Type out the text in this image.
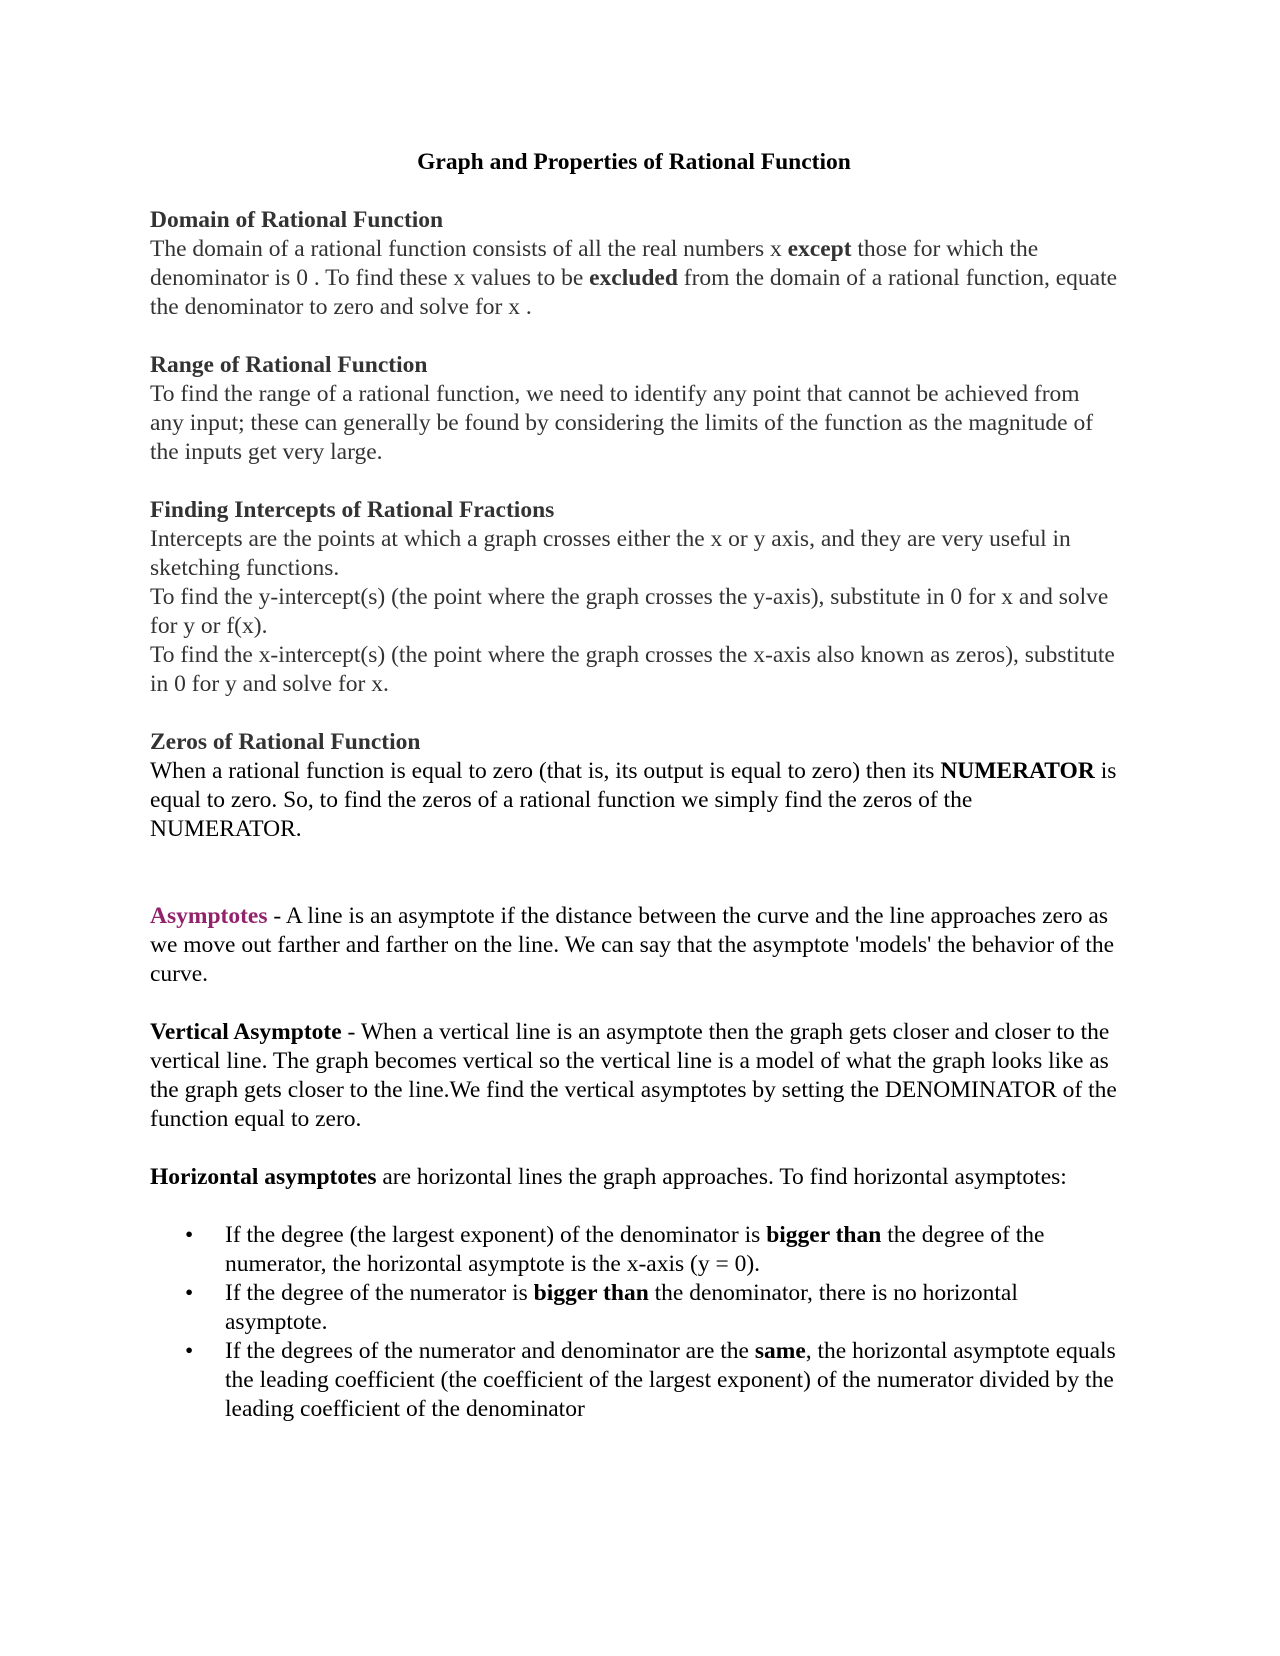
Graph and Properties of Rational Function
Domain of Rational Function

The domain of a rational function consists of all the real numbers x except those for which the denominator is 0 . To find these x values to be excluded from the domain of a rational function, equate the denominator to zero and solve for x .

Range of Rational Function

To find the range of a rational function, we need to identify any point that cannot be achieved from any input; these can generally be found by considering the limits of the function as the magnitude of the inputs get very large.

Finding Intercepts of Rational Fractions

Intercepts are the points at which a graph crosses either the x or y axis, and they are very useful in sketching functions.

To find the y-intercept(s) (the point where the graph crosses the y-axis), substitute in 0 for x and solve for y or f(x).

To find the x-intercept(s) (the point where the graph crosses the x-axis also known as zeros), substitute in 0 for y and solve for x.

Zeros of Rational Function

When a rational function is equal to zero (that is, its output is equal to zero) then its NUMERATOR is equal to zero. So, to find the zeros of a rational function we simply find the zeros of the NUMERATOR.

Asymptotes - A line is an asymptote if the distance between the curve and the line approaches zero as we move out farther and farther on the line. We can say that the asymptote 'models' the behavior of the curve.

Vertical Asymptote - When a vertical line is an asymptote then the graph gets closer and closer to the vertical line. The graph becomes vertical so the vertical line is a model of what the graph looks like as the graph gets closer to the line.We find the vertical asymptotes by setting the DENOMINATOR of the function equal to zero.

Horizontal asymptotes are horizontal lines the graph approaches. To find horizontal asymptotes:

• If the degree (the largest exponent) of the denominator is bigger than the degree of the numerator, the horizontal asymptote is the x-axis (y = 0).
• If the degree of the numerator is bigger than the denominator, there is no horizontal asymptote.
• If the degrees of the numerator and denominator are the same, the horizontal asymptote equals the leading coefficient (the coefficient of the largest exponent) of the numerator divided by the leading coefficient of the denominator
